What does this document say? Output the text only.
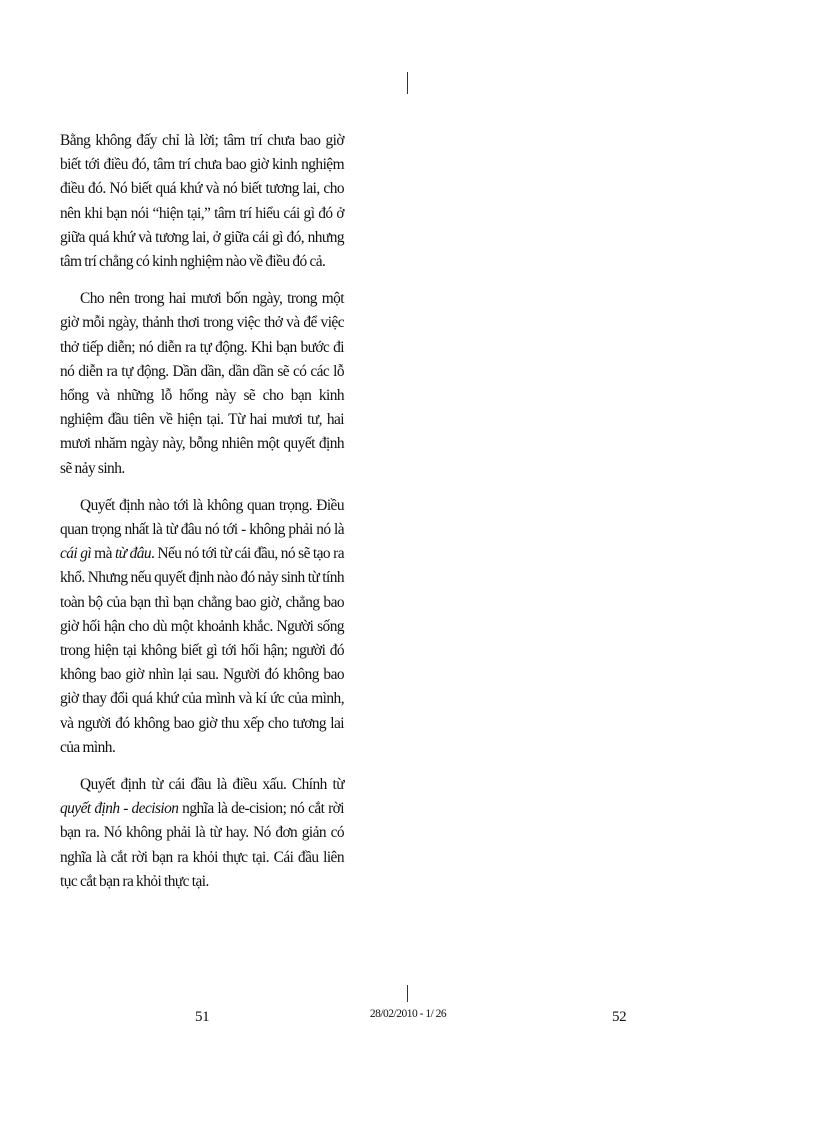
Bằng không đấy chỉ là lời; tâm trí chưa bao giờ biết tới điều đó, tâm trí chưa bao giờ kinh nghiệm điều đó. Nó biết quá khứ và nó biết tương lai, cho nên khi bạn nói “hiện tại,” tâm trí hiểu cái gì đó ở giữa quá khứ và tương lai, ở giữa cái gì đó, nhưng tâm trí chẳng có kinh nghiệm nào về điều đó cả.

Cho nên trong hai mươi bốn ngày, trong một giờ mỗi ngày, thảnh thơi trong việc thở và để việc thở tiếp diễn; nó diễn ra tự động. Khi bạn bước đi nó diễn ra tự động. Dần dần, dần dần sẽ có các lỗ hổng và những lỗ hổng này sẽ cho bạn kinh nghiệm đầu tiên về hiện tại. Từ hai mươi tư, hai mươi nhăm ngày này, bỗng nhiên một quyết định sẽ nảy sinh.

Quyết định nào tới là không quan trọng. Điều quan trọng nhất là từ đâu nó tới - không phải nó là cái gì mà từ đâu. Nếu nó tới từ cái đầu, nó sẽ tạo ra khổ. Nhưng nếu quyết định nào đó nảy sinh từ tính toàn bộ của bạn thì bạn chẳng bao giờ, chẳng bao giờ hối hận cho dù một khoảnh khắc. Người sống trong hiện tại không biết gì tới hối hận; người đó không bao giờ nhìn lại sau. Người đó không bao giờ thay đổi quá khứ của mình và kí ức của mình, và người đó không bao giờ thu xếp cho tương lai của mình.

Quyết định từ cái đầu là điều xấu. Chính từ quyết định - decision nghĩa là de-cision; nó cắt rời bạn ra. Nó không phải là từ hay. Nó đơn giản có nghĩa là cắt rời bạn ra khỏi thực tại. Cái đầu liên tục cắt bạn ra khỏi thực tại.

51	28/02/2010 - 1/ 26	52
